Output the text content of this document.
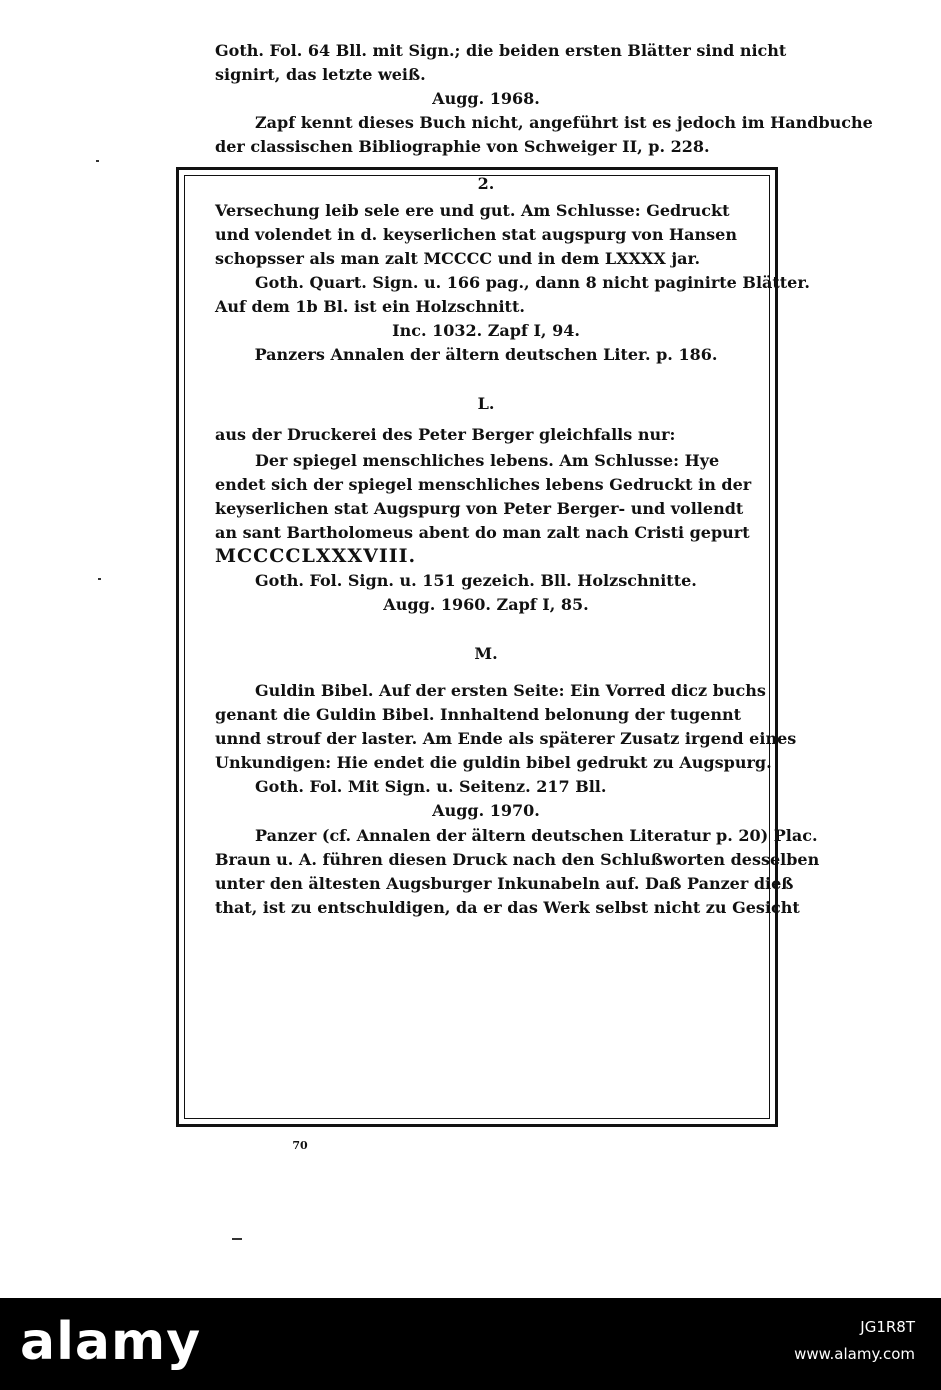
Goth. Fol. 64 Bll. mit Sign.; die beiden ersten Blätter sind nicht
signirt, das letzte weiß.
Augg. 1968.
Zapf kennt dieses Buch nicht, angeführt ist es jedoch im Handbuche
der classischen Bibliographie von Schweiger II, p. 228.
2.
Versechung leib sele ere und gut. Am Schlusse: Gedruckt
und volendet in d. keyserlichen stat augspurg von Hansen
schopsser als man zalt MCCCC und in dem LXXXX jar.
Goth. Quart. Sign. u. 166 pag., dann 8 nicht paginirte Blätter.
Auf dem 1b Bl. ist ein Holzschnitt.
Inc. 1032. Zapf I, 94.
Panzers Annalen der ältern deutschen Liter. p. 186.
L.
aus der Druckerei des Peter Berger gleichfalls nur:
Der spiegel menschliches lebens. Am Schlusse: Hye
endet sich der spiegel menschliches lebens Gedruckt in der
keyserlichen stat Augspurg von Peter Berger- und vollendt
an sant Bartholomeus abent do man zalt nach Cristi gepurt
MCCCCLXXXVIII.
Goth. Fol. Sign. u. 151 gezeich. Bll. Holzschnitte.
Augg. 1960. Zapf I, 85.
M.
Guldin Bibel. Auf der ersten Seite: Ein Vorred dicz buchs
genant die Guldin Bibel. Innhaltend belonung der tugennt
unnd strouf der laster. Am Ende als späterer Zusatz irgend eines
Unkundigen: Hie endet die guldin bibel gedrukt zu Augspurg.
Goth. Fol. Mit Sign. u. Seitenz. 217 Bll.
Augg. 1970.
Panzer (cf. Annalen der ältern deutschen Literatur p. 20) Plac.
Braun u. A. führen diesen Druck nach den Schlußworten desselben
unter den ältesten Augsburger Inkunabeln auf. Daß Panzer dieß
that, ist zu entschuldigen, da er das Werk selbst nicht zu Gesicht
70
alamy	JG1R8T
www.alamy.com
